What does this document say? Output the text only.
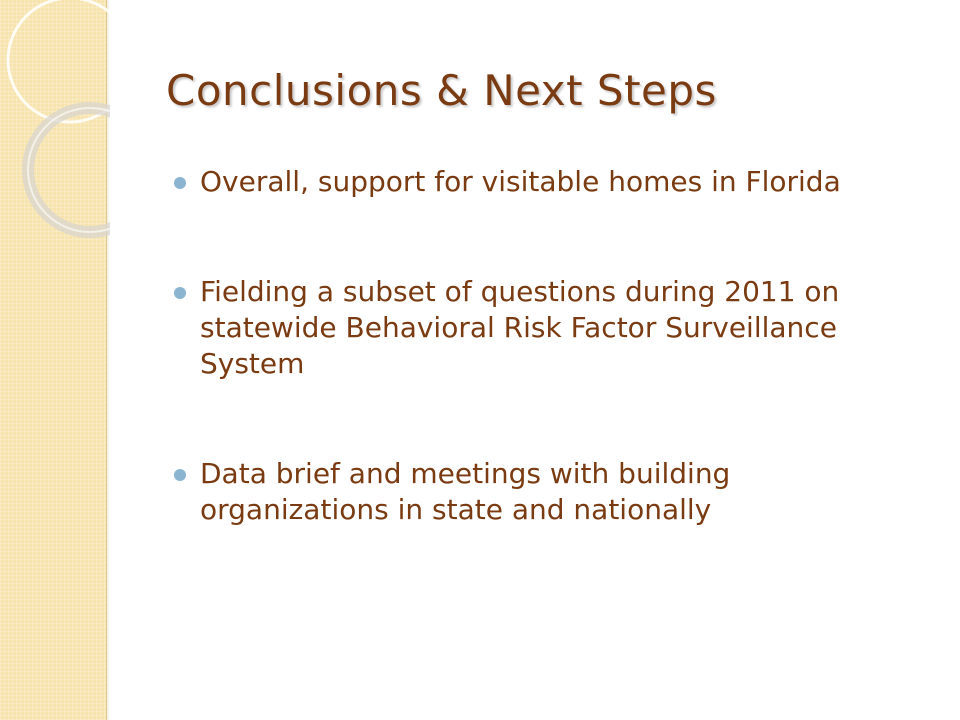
Conclusions & Next Steps
Overall, support for visitable homes in Florida
Fielding a subset of questions during 2011 on statewide Behavioral Risk Factor Surveillance System
Data brief and meetings with building organizations in state and nationally
